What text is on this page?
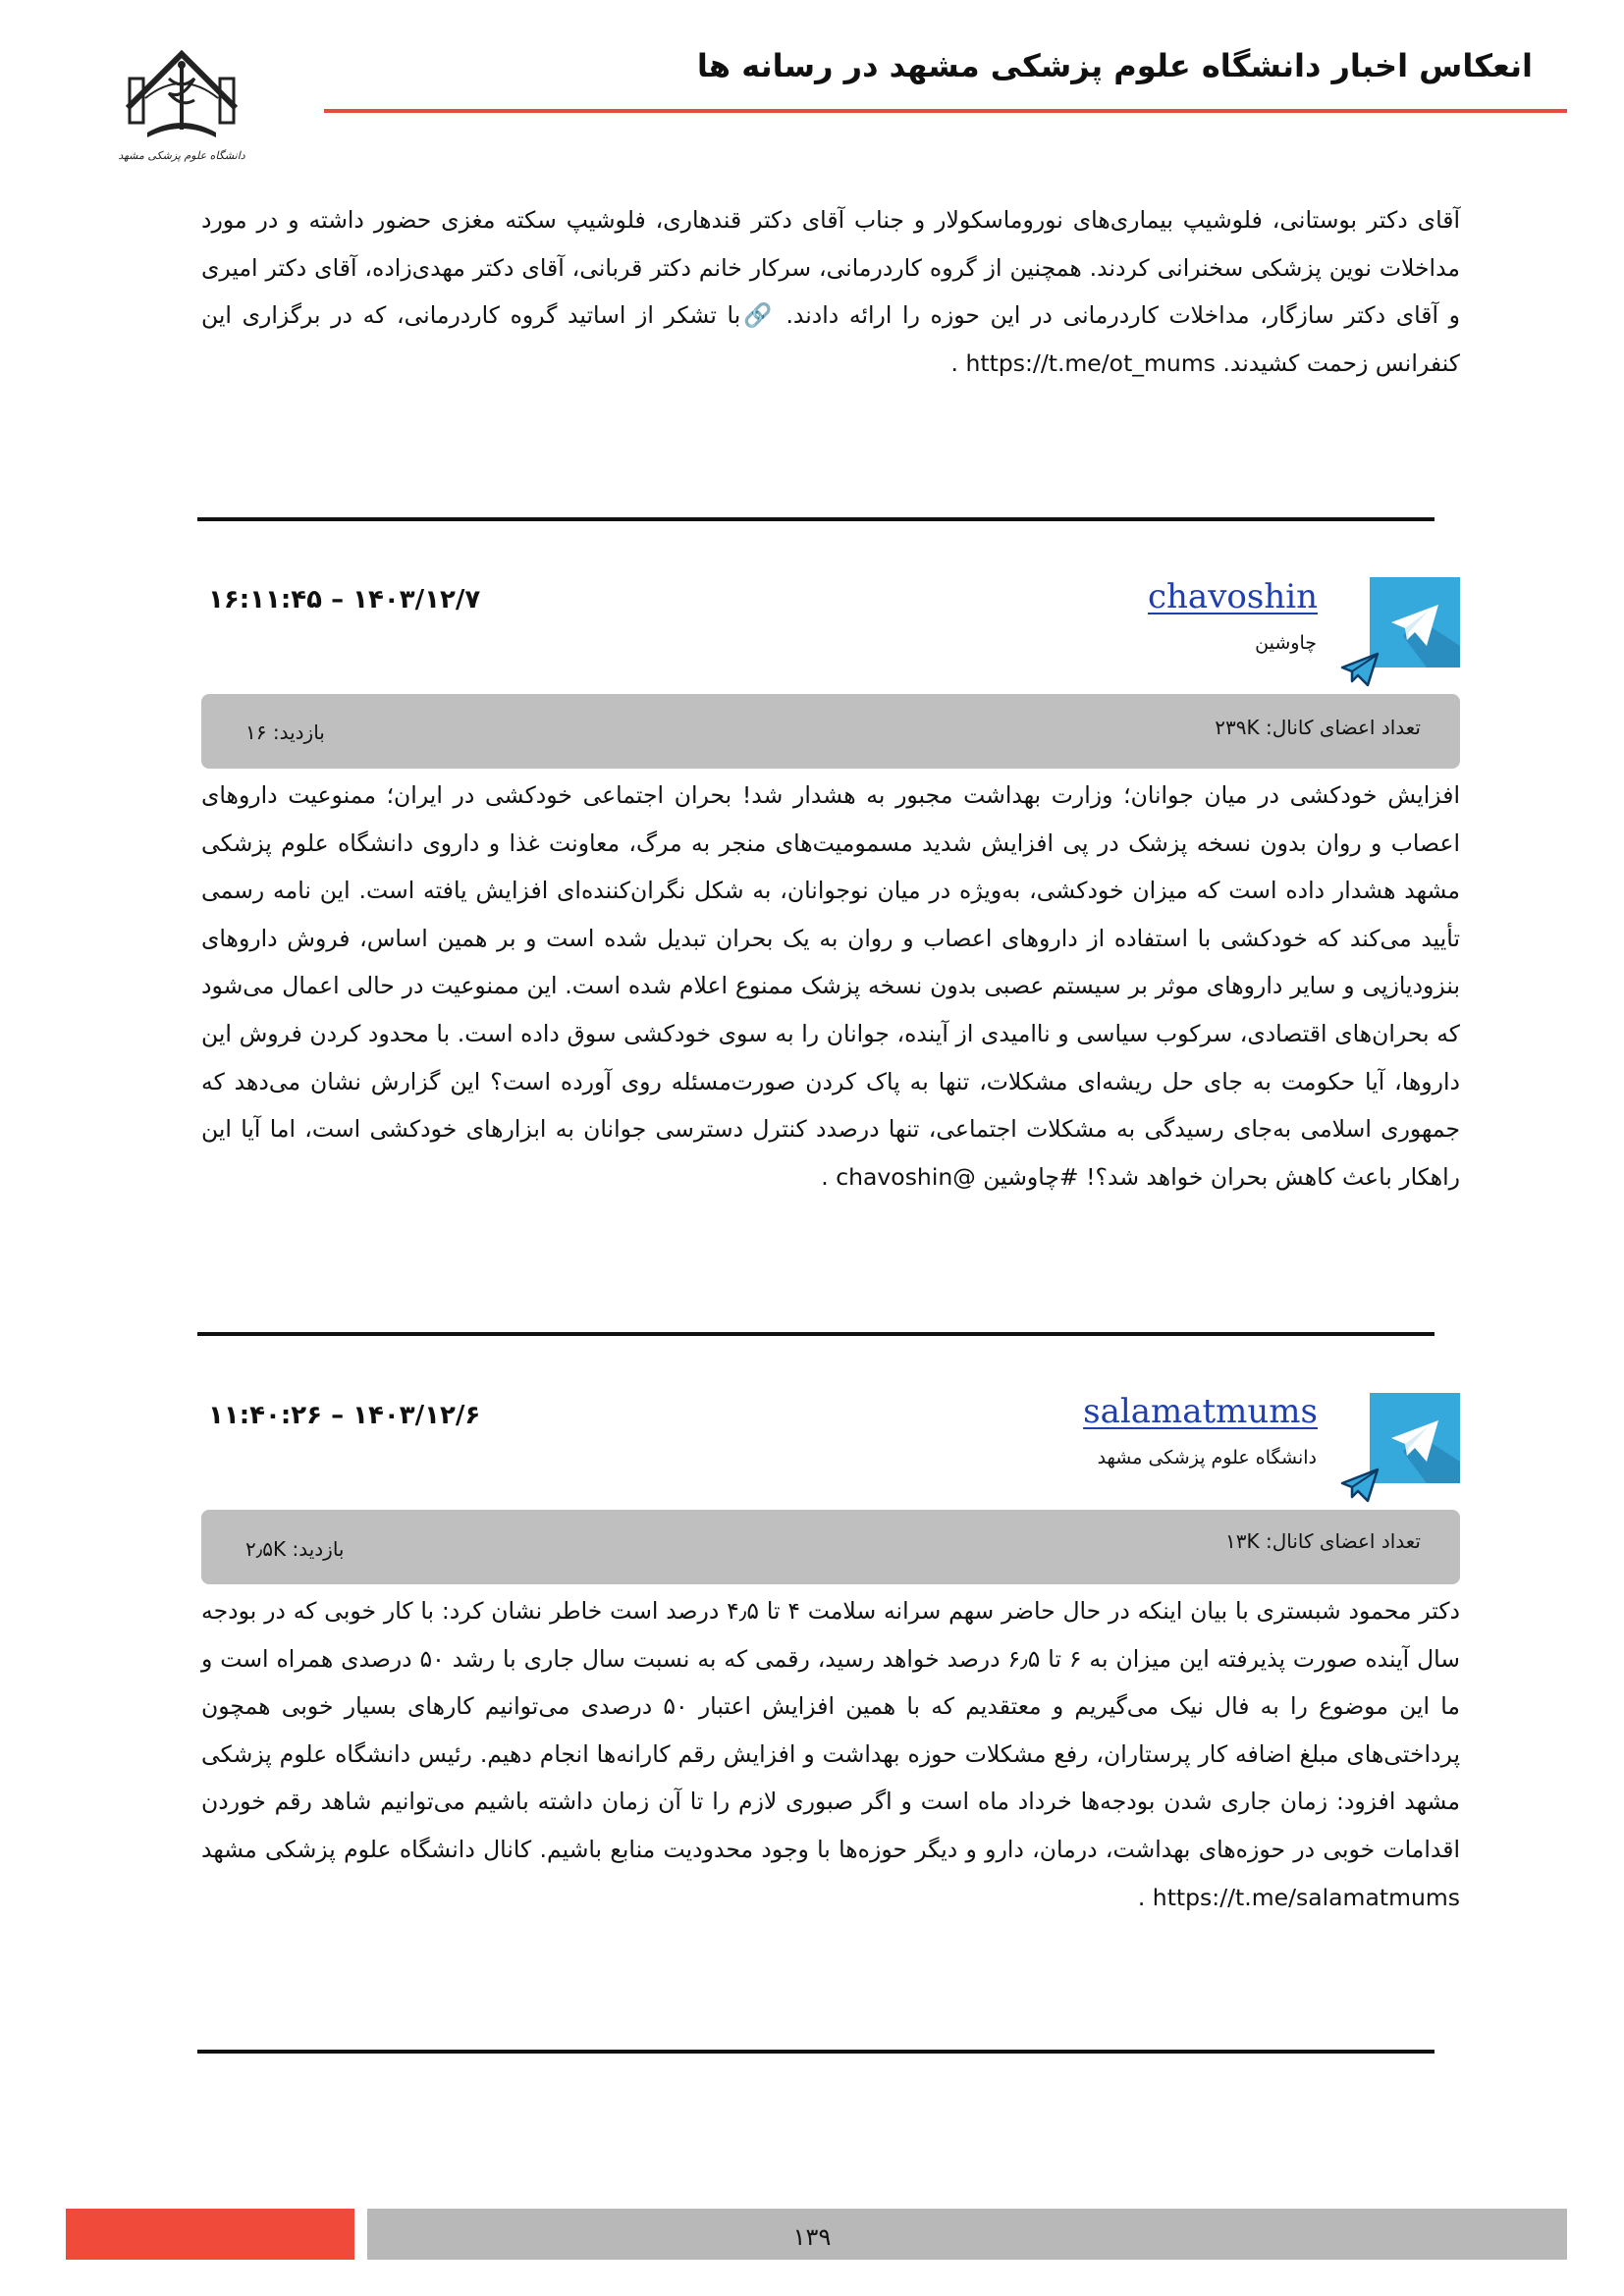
انعکاس اخبار دانشگاه علوم پزشکی مشهد در رسانه ها
دانشگاه علوم پزشکی مشهد
آقای دکتر بوستانی، فلوشیپ بیماری‌های نوروماسکولار و جناب آقای دکتر قندهاری، فلوشیپ سکته مغزی حضور داشته و در مورد مداخلات نوین پزشکی سخنرانی کردند. همچنین از گروه کاردرمانی، سرکار خانم دکتر قربانی، آقای دکتر مهدی‌زاده، آقای دکتر امیری و آقای دکتر سازگار، مداخلات کاردرمانی در این حوزه را ارائه دادند. 🔗با تشکر از اساتید گروه کاردرمانی، که در برگزاری این کنفرانس زحمت کشیدند. https://t.me/ot_mums .
chavoshin
چاوشین
۱۴۰۳/۱۲/۷ – ۱۶:۱۱:۴۵
تعداد اعضای کانال: ۲۳۹K
بازدید: ۱۶
افزایش خودکشی در میان جوانان؛ وزارت بهداشت مجبور به هشدار شد! بحران اجتماعی خودکشی در ایران؛ ممنوعیت داروهای اعصاب و روان بدون نسخه پزشک در پی افزایش شدید مسمومیت‌های منجر به مرگ، معاونت غذا و داروی دانشگاه علوم پزشکی مشهد هشدار داده است که میزان خودکشی، به‌ویژه در میان نوجوانان، به شکل نگران‌کننده‌ای افزایش یافته است. این نامه رسمی تأیید می‌کند که خودکشی با استفاده از داروهای اعصاب و روان به یک بحران تبدیل شده است و بر همین اساس، فروش داروهای بنزودیازپی و سایر داروهای موثر بر سیستم عصبی بدون نسخه پزشک ممنوع اعلام شده است. این ممنوعیت در حالی اعمال می‌شود که بحران‌های اقتصادی، سرکوب سیاسی و ناامیدی از آینده، جوانان را به سوی خودکشی سوق داده است. با محدود کردن فروش این داروها، آیا حکومت به جای حل ریشه‌ای مشکلات، تنها به پاک کردن صورت‌مسئله روی آورده است؟ این گزارش نشان می‌دهد که جمهوری اسلامی به‌جای رسیدگی به مشکلات اجتماعی، تنها درصدد کنترل دسترسی جوانان به ابزارهای خودکشی است، اما آیا این راهکار باعث کاهش بحران خواهد شد؟! #چاوشین @chavoshin .
salamatmums
دانشگاه علوم پزشکی مشهد
۱۴۰۳/۱۲/۶ – ۱۱:۴۰:۲۶
تعداد اعضای کانال: ۱۳K
بازدید: ۲٫۵K
دکتر محمود شبستری با بیان اینکه در حال حاضر سهم سرانه سلامت ۴ تا ۴٫۵ درصد است خاطر نشان کرد: با کار خوبی که در بودجه سال آینده صورت پذیرفته این میزان به ۶ تا ۶٫۵ درصد خواهد رسید، رقمی که به نسبت سال جاری با رشد ۵۰ درصدی همراه است و ما این موضوع را به فال نیک می‌گیریم و معتقدیم که با همین افزایش اعتبار ۵۰ درصدی می‌توانیم کارهای بسیار خوبی همچون پرداختی‌های مبلغ اضافه کار پرستاران، رفع مشکلات حوزه بهداشت و افزایش رقم کارانه‌ها انجام دهیم. رئیس دانشگاه علوم پزشکی مشهد افزود: زمان جاری شدن بودجه‌ها خرداد ماه است و اگر صبوری لازم را تا آن زمان داشته باشیم می‌توانیم شاهد رقم خوردن اقدامات خوبی در حوزه‌های بهداشت، درمان، دارو و دیگر حوزه‌ها با وجود محدودیت منابع باشیم. کانال دانشگاه علوم پزشکی مشهد https://t.me/salamatmums .
۱۳۹
